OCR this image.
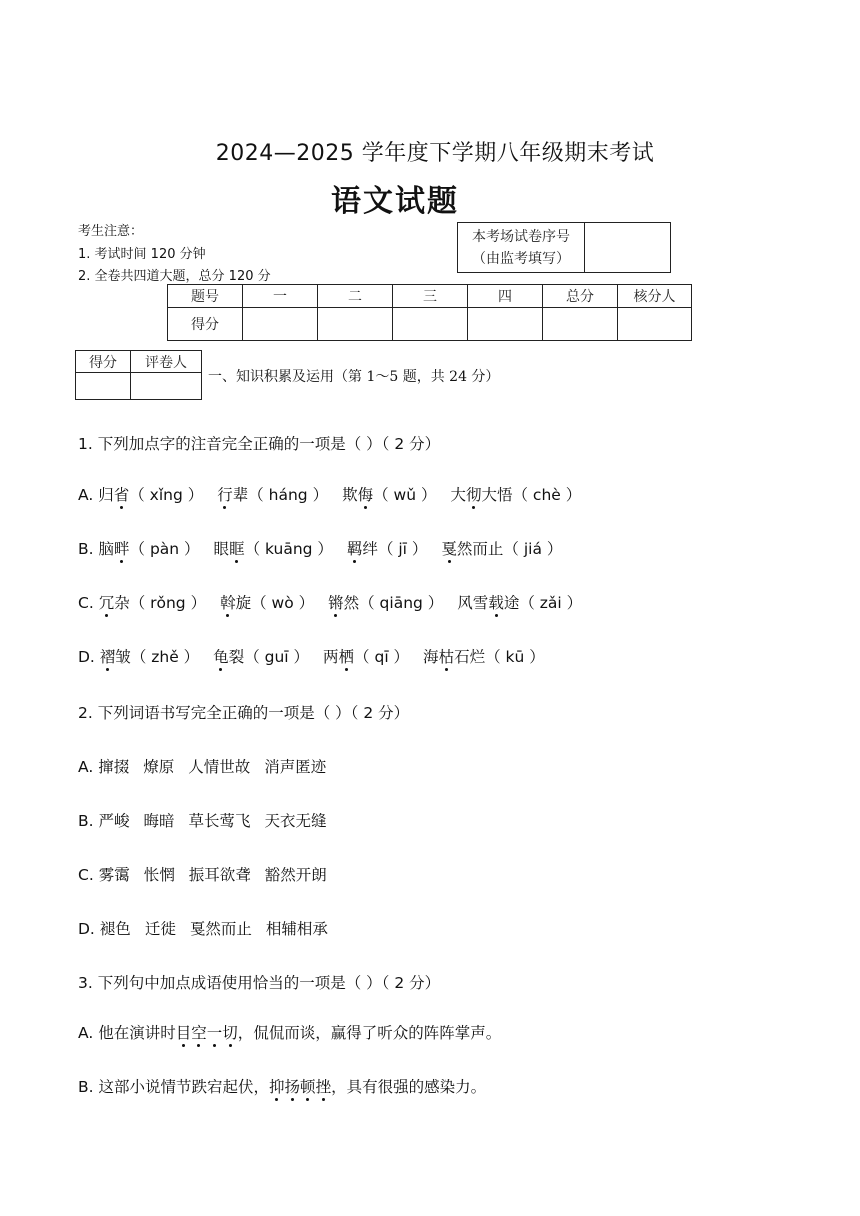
2024—2025 学年度下学期八年级期末考试
语文试题
考生注意：
1. 考试时间 120 分钟
2. 全卷共四道大题，总分 120 分
本考场试卷序号
（由监考填写）

题号	一	二	三	四	总分	核分人
得分						
得分	评卷人

一、知识积累及运用（第 1～5 题，共 24 分）
1. 下列加点字的注音完全正确的一项是（ ）（ 2 分）
A. 归省（ xǐng ） 行辈（ háng ） 欺侮（ wǔ ） 大彻大悟（ chè ）
B. 脑畔（ pàn ） 眼眶（ kuāng ） 羁绊（ jī ） 戛然而止（ jiá ）
C. 冗杂（ rǒng ） 斡旋（ wò ） 锵然（ qiāng ） 风雪载途（ zǎi ）
D. 褶皱（ zhě ） 龟裂（ guī ） 两栖（ qī ） 海枯石烂（ kū ）
2. 下列词语书写完全正确的一项是（ ）（ 2 分）
A. 撺掇 燎原 人情世故 消声匿迹
B. 严峻 晦暗 草长莺飞 天衣无缝
C. 雾霭 怅惘 振耳欲聋 豁然开朗
D. 褪色 迁徙 戛然而止 相辅相承
3. 下列句中加点成语使用恰当的一项是（ ）（ 2 分）
A. 他在演讲时目空一切，侃侃而谈，赢得了听众的阵阵掌声。
B. 这部小说情节跌宕起伏，抑扬顿挫，具有很强的感染力。
